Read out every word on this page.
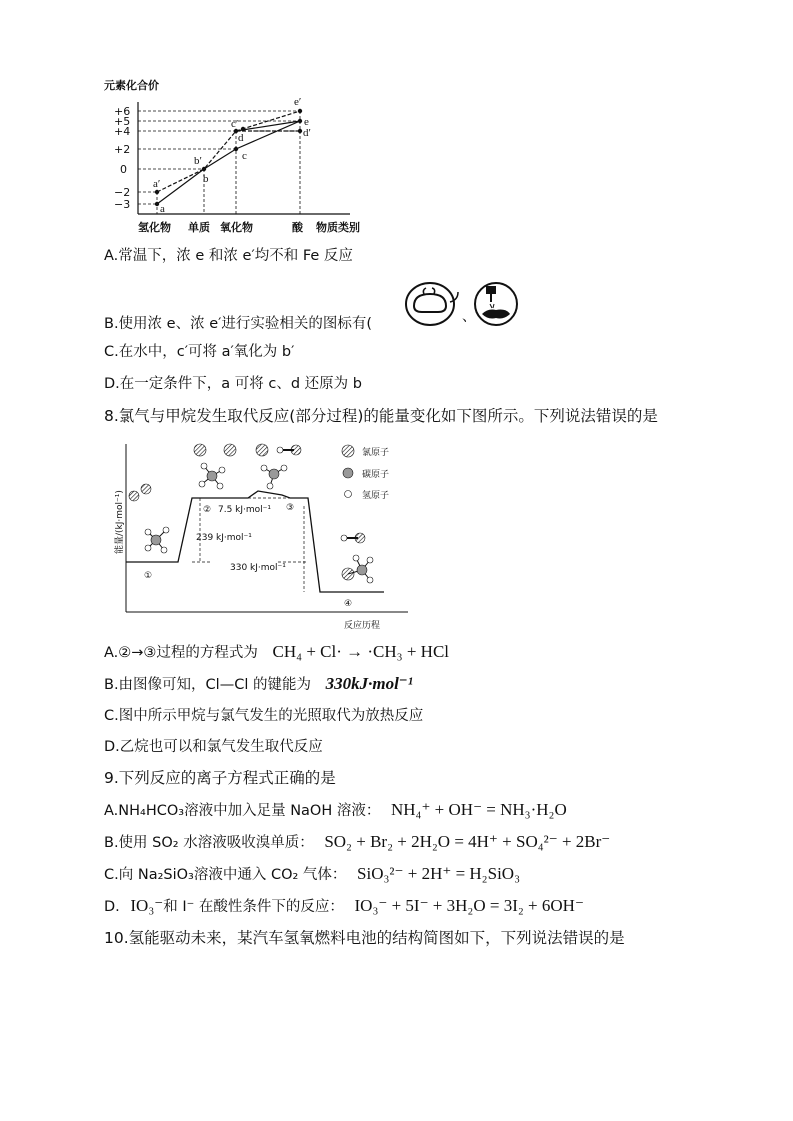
元素化合价
+6
+5
+4
+2
0
−2
−3	a
a′	b
b′	c
c′
d	d′
e
e′
氢化物 单质 氧化物	酸 物质类别
A.常温下，浓 e 和浓 e′均不和 Fe 反应
B.使用浓 e、浓 e′进行实验相关的图标有(	、
C.在水中，c′可将 a′氧化为 b′
D.在一定条件下，a 可将 c、d 还原为 b
8.氯气与甲烷发生取代反应(部分过程)的能量变化如下图所示。下列说法错误的是
能量/(kJ·mol⁻¹)
反应历程
①
②	③
④
7.5 kJ·mol⁻¹
239 kJ·mol⁻¹
330 kJ·mol⁻¹
氯原子
碳原子
氢原子
A.②→③过程的方程式为 CH₄ + Cl· → ·CH₃ + HCl
B.由图像可知，Cl—Cl 的键能为 330kJ·mol⁻¹
C.图中所示甲烷与氯气发生的光照取代为放热反应
D.乙烷也可以和氯气发生取代反应
9.下列反应的离子方程式正确的是
A.NH₄HCO₃溶液中加入足量 NaOH 溶液： NH₄⁺ + OH⁻ = NH₃·H₂O
B.使用 SO₂ 水溶液吸收溴单质： SO₂ + Br₂ + 2H₂O = 4H⁺ + SO₄²⁻ + 2Br⁻
C.向 Na₂SiO₃溶液中通入 CO₂ 气体： SiO₃²⁻ + 2H⁺ = H₂SiO₃
D. IO₃⁻和 I⁻ 在酸性条件下的反应： IO₃⁻ + 5I⁻ + 3H₂O = 3I₂ + 6OH⁻
10.氢能驱动未来，某汽车氢氧燃料电池的结构简图如下，下列说法错误的是
